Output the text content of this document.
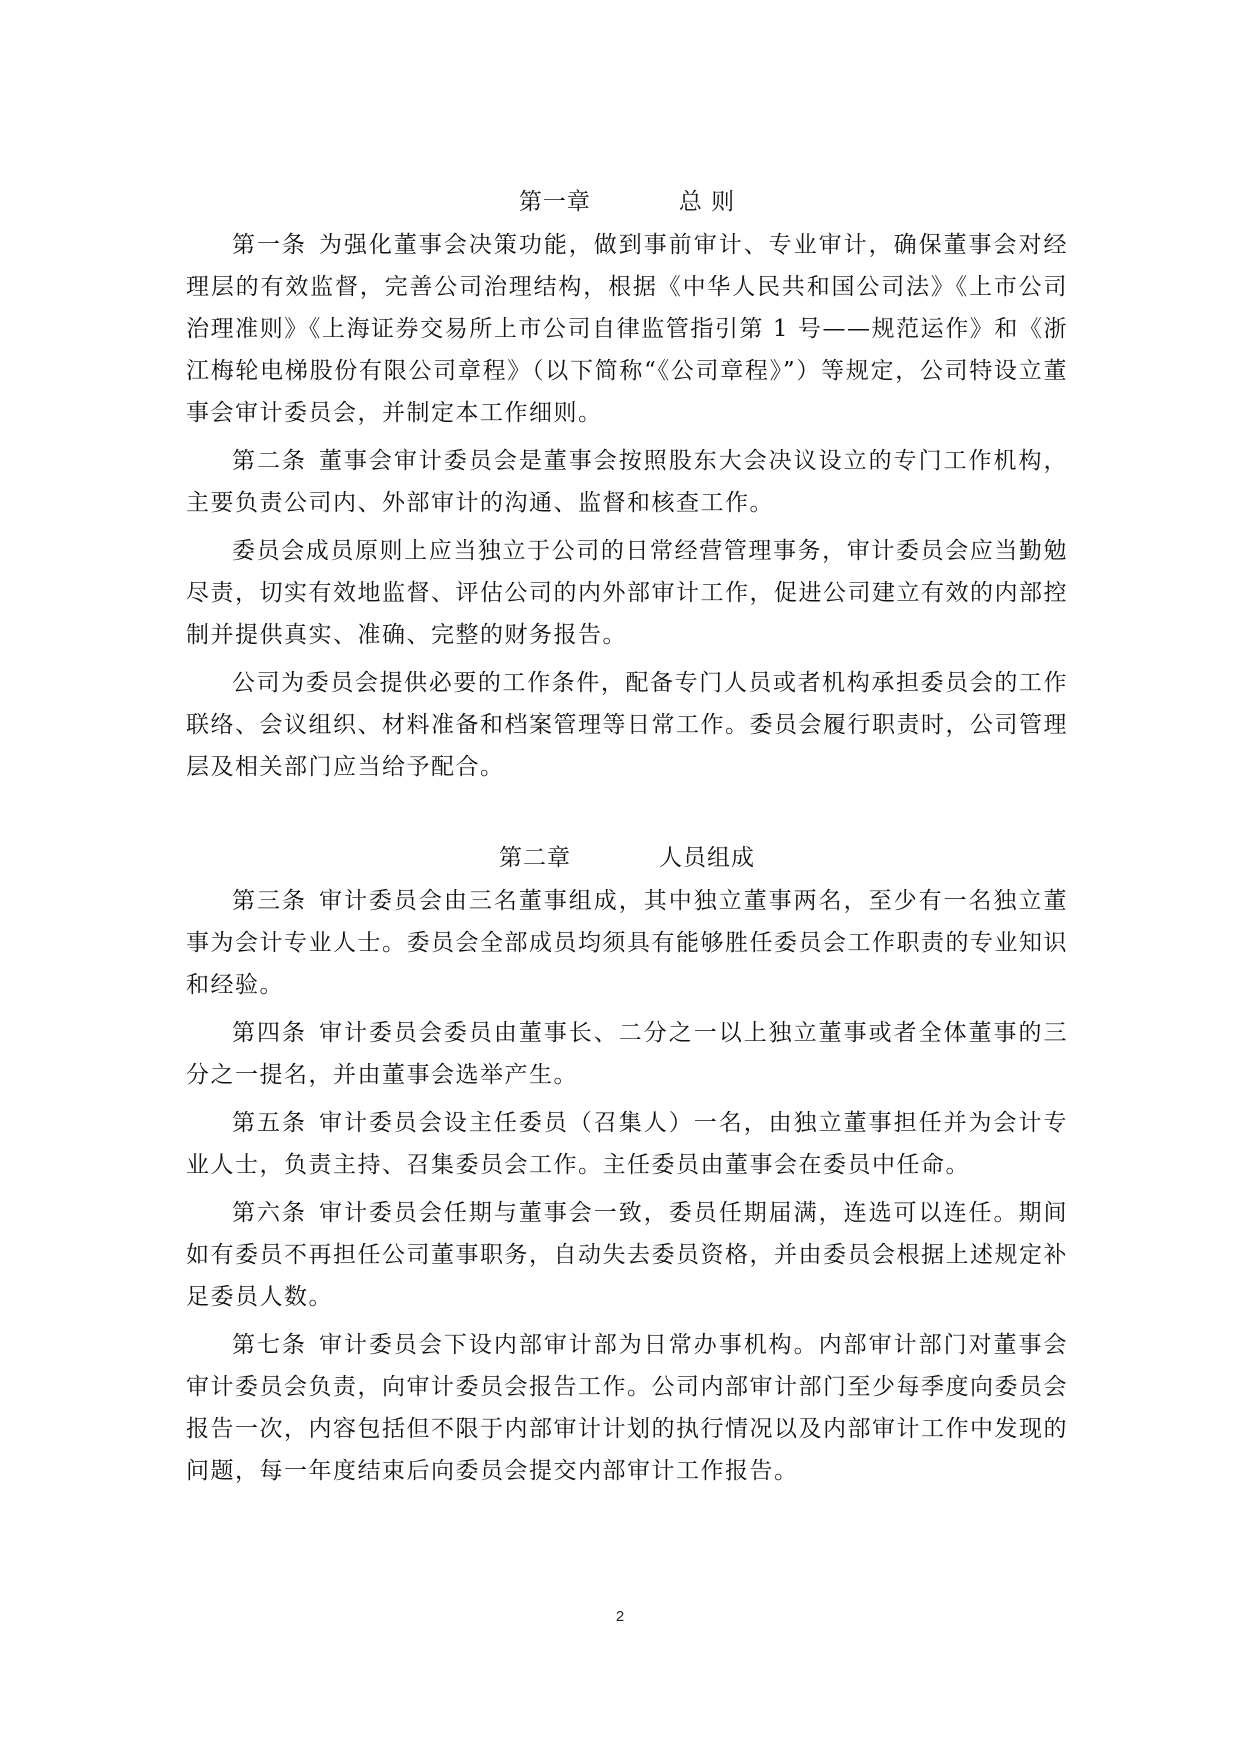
第一章	总 则

第一条 为强化董事会决策功能，做到事前审计、专业审计，确保董事会对经理层的有效监督，完善公司治理结构，根据《中华人民共和国公司法》《上市公司治理准则》《上海证券交易所上市公司自律监管指引第 1 号——规范运作》和《浙江梅轮电梯股份有限公司章程》（以下简称“《公司章程》”）等规定，公司特设立董事会审计委员会，并制定本工作细则。

第二条 董事会审计委员会是董事会按照股东大会决议设立的专门工作机构，主要负责公司内、外部审计的沟通、监督和核查工作。

委员会成员原则上应当独立于公司的日常经营管理事务，审计委员会应当勤勉尽责，切实有效地监督、评估公司的内外部审计工作，促进公司建立有效的内部控制并提供真实、准确、完整的财务报告。

公司为委员会提供必要的工作条件，配备专门人员或者机构承担委员会的工作联络、会议组织、材料准备和档案管理等日常工作。委员会履行职责时，公司管理层及相关部门应当给予配合。

第二章	人员组成

第三条 审计委员会由三名董事组成，其中独立董事两名，至少有一名独立董事为会计专业人士。委员会全部成员均须具有能够胜任委员会工作职责的专业知识和经验。

第四条 审计委员会委员由董事长、二分之一以上独立董事或者全体董事的三分之一提名，并由董事会选举产生。

第五条 审计委员会设主任委员（召集人）一名，由独立董事担任并为会计专业人士，负责主持、召集委员会工作。主任委员由董事会在委员中任命。

第六条 审计委员会任期与董事会一致，委员任期届满，连选可以连任。期间如有委员不再担任公司董事职务，自动失去委员资格，并由委员会根据上述规定补足委员人数。

第七条 审计委员会下设内部审计部为日常办事机构。内部审计部门对董事会审计委员会负责，向审计委员会报告工作。公司内部审计部门至少每季度向委员会报告一次，内容包括但不限于内部审计计划的执行情况以及内部审计工作中发现的问题，每一年度结束后向委员会提交内部审计工作报告。

2
